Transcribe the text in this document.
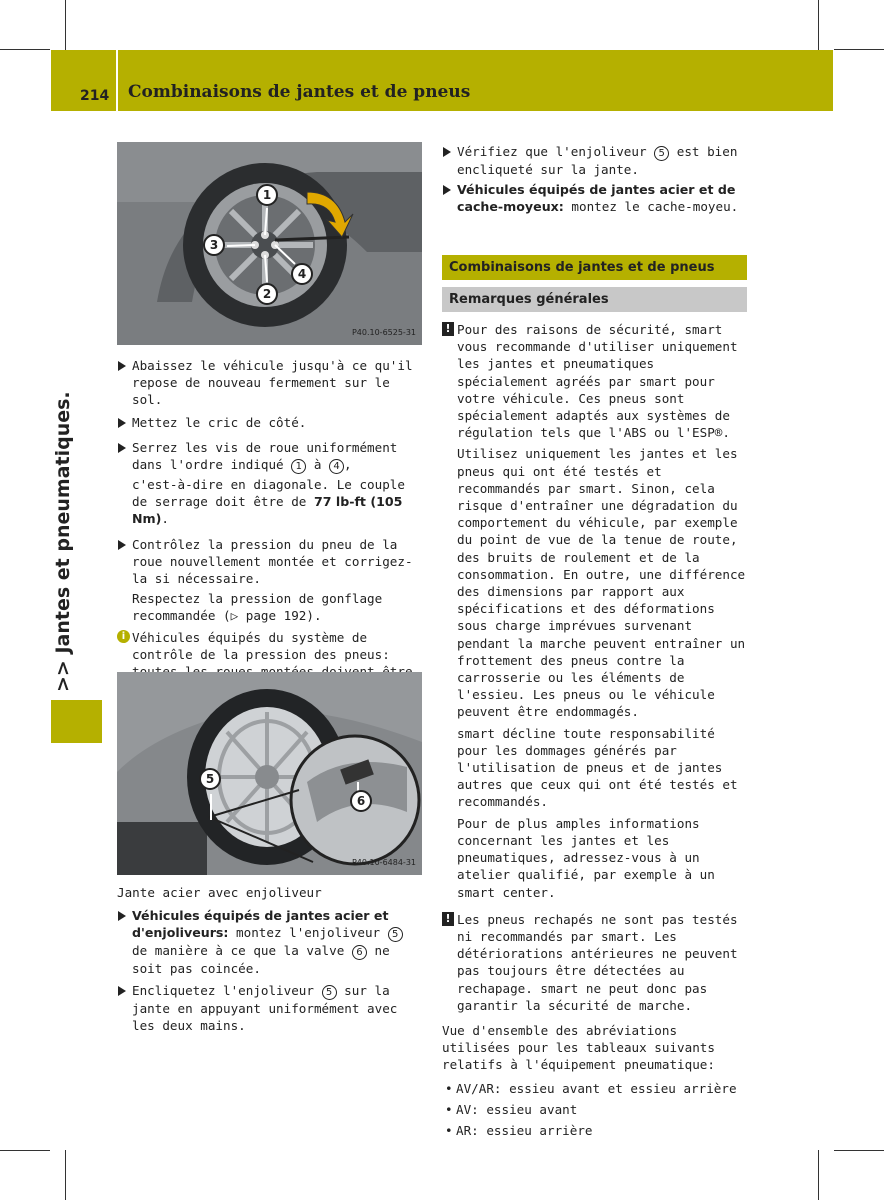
214 Combinaisons de jantes et de pneus
>> Jantes et pneumatiques.
1
3
4
2
P40.10-6525-31
Abaissez le véhicule jusqu'à ce qu'il repose de nouveau fermement sur le sol.
Mettez le cric de côté.
Serrez les vis de roue uniformément dans l'ordre indiqué 1 à 4 ,
c'est-à-dire en diagonale. Le couple de serrage doit être de 77 lb-ft (105 Nm).
Contrôlez la pression du pneu de la roue nouvellement montée et corrigez-la si nécessaire.
Respectez la pression de gonflage recommandée (▷ page 192).
i Véhicules équipés du système de contrôle de la pression des pneus:
5
6
P40.10-6484-31
Jante acier avec enjoliveur
Véhicules équipés de jantes acier et d'enjoliveurs: montez l'enjoliveur 5 de manière à ce que la valve 6 ne soit pas coincée.
Encliquetez l'enjoliveur 5 sur la jante en appuyant uniformément avec les deux mains.
Vérifiez que l'enjoliveur 5 est bien encliqueté sur la jante.
Véhicules équipés de jantes acier et de cache-moyeux: montez le cache-moyeu.
Combinaisons de jantes et de pneus
Remarques générales
! Pour des raisons de sécurité, smart vous recommande d'utiliser uniquement les jantes et pneumatiques spécialement agréés par smart pour votre véhicule. Ces pneus sont spécialement adaptés aux systèmes de régulation tels que l'ABS ou l'ESP®.
Utilisez uniquement les jantes et les pneus qui ont été testés et recommandés par smart. Sinon, cela risque d'entraîner une dégradation du comportement du véhicule, par exemple du point de vue de la tenue de route, des bruits de roulement et de la consommation. En outre, une différence des dimensions par rapport aux spécifications et des déformations sous charge imprévues survenant pendant la marche peuvent entraîner un frottement des pneus contre la carrosserie ou les éléments de l'essieu. Les pneus ou le véhicule peuvent être endommagés.
smart décline toute responsabilité pour les dommages générés par l'utilisation de pneus et de jantes autres que ceux qui ont été testés et recommandés.
Pour de plus amples informations concernant les jantes et les pneumatiques, adressez-vous à un atelier qualifié, par exemple à un smart center.
! Les pneus rechapés ne sont pas testés ni recommandés par smart. Les détériorations antérieures ne peuvent pas toujours être détectées au rechapage. smart ne peut donc pas garantir la sécurité de marche.
Vue d'ensemble des abréviations utilisées pour les tableaux suivants relatifs à l'équipement pneumatique:
• AV/AR: essieu avant et essieu arrière
• AV: essieu avant
• AR: essieu arrière
